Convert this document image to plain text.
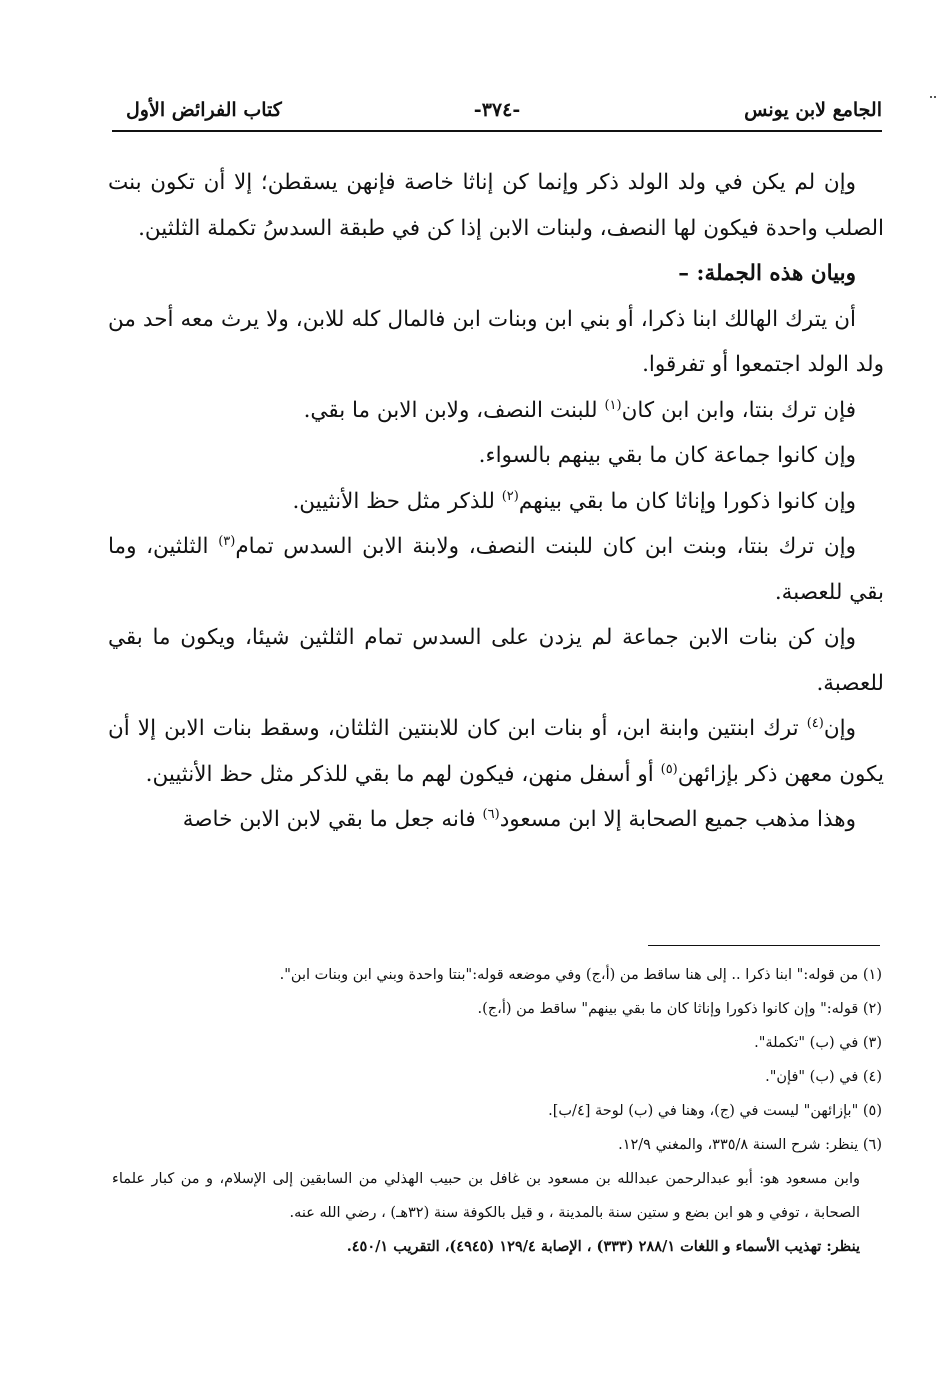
الجامع لابن يونس
-٣٧٤-
كتاب الفرائض الأول

وإن لم يكن في ولد الولد ذكر وإنما كن إناثا خاصة فإنهن يسقطن؛ إلا أن تكون بنت الصلب واحدة فيكون لها النصف، ولبنات الابن إذا كن في طبقة السدسُ تكملة الثلثين.

وبيان هذه الجملة: –

أن يترك الهالك ابنا ذكرا، أو بني ابن وبنات ابن فالمال كله للابن، ولا يرث معه أحد من ولد الولد اجتمعوا أو تفرقوا.

فإن ترك بنتا، وابن ابن كان$^{(١)}$ للبنت النصف، ولابن الابن ما بقي.

وإن كانوا جماعة كان ما بقي بينهم بالسواء.

وإن كانوا ذكورا وإناثا كان ما بقي بينهم$^{(٢)}$ للذكر مثل حظ الأنثيين.

وإن ترك بنتا، وبنت ابن كان للبنت النصف، ولابنة الابن السدس تمام$^{(٣)}$ الثلثين، وما بقي للعصبة.

وإن كن بنات الابن جماعة لم يزدن على السدس تمام الثلثين شيئا، ويكون ما بقي للعصبة.

وإن$^{(٤)}$ ترك ابنتين وابنة ابن، أو بنات ابن كان للابنتين الثلثان، وسقط بنات الابن إلا أن يكون معهن ذكر بإزائهن$^{(٥)}$ أو أسفل منهن، فيكون لهم ما بقي للذكر مثل حظ الأنثيين.

وهذا مذهب جميع الصحابة إلا ابن مسعود$^{(٦)}$ فانه جعل ما بقي لابن الابن خاصة

(١) من قوله:" ابنا ذكرا .. إلى هنا ساقط من (أ،ج) وفي موضعه قوله:"بنتا واحدة وبني ابن وبنات ابن".

(٢) قوله:" وإن كانوا ذكورا وإناثا كان ما بقي بينهم" ساقط من (أ،ج).

(٣) في (ب) "تكملة".

(٤) في (ب) "فإن".

(٥) "بإزائهن" ليست في (ج)، وهنا في (ب) لوحة [٤/ب].

(٦) ينظر: شرح السنة ٣٣٥/٨، والمغني ١٢/٩.

وابن مسعود هو: أبو عبدالرحمن عبدالله بن مسعود بن غافل بن حبيب الهذلي من السابقين إلى الإسلام، و من كبار علماء الصحابة ، توفي و هو ابن بضع و ستين سنة بالمدينة ، و قيل بالكوفة سنة (٣٢هـ) ، رضي الله عنه.

ينظر: تهذيب الأسماء و اللغات ٢٨٨/١ (٣٣٣) ، الإصابة ١٢٩/٤ (٤٩٤٥)، التقريب ٤٥٠/١.
